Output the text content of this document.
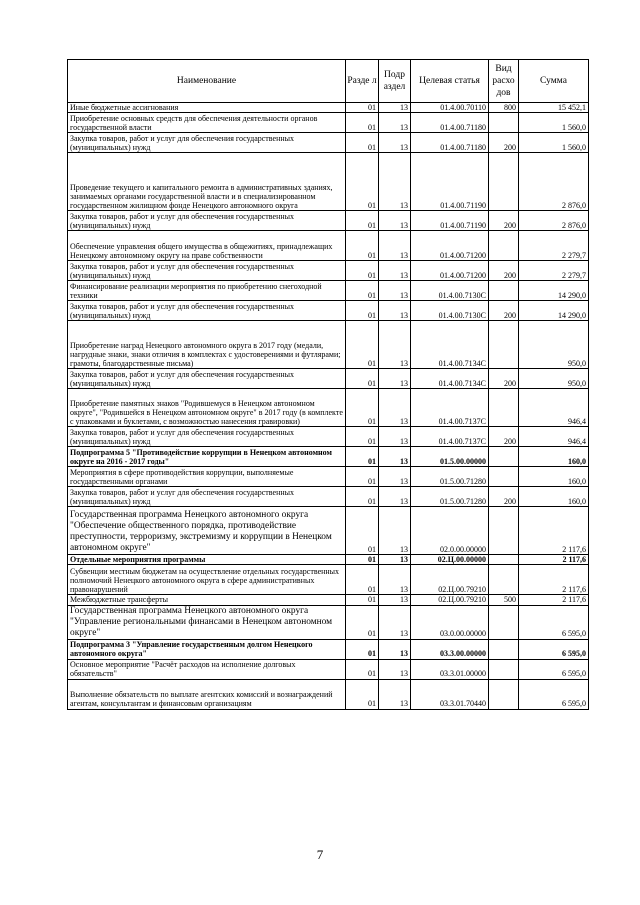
Наименование	Разде л	Подр аздел	Целевая статья	Вид расхо дов	Сумма
Иные бюджетные ассигнования	01	13	01.4.00.70110	800	15 452,1
Приобретение основных средств для обеспечения деятельности органов государственной власти	01	13	01.4.00.71180		1 560,0
Закупка товаров, работ и услуг для обеспечения государственных (муниципальных) нужд	01	13	01.4.00.71180	200	1 560,0
Проведение текущего и капитального ремонта в административных зданиях, занимаемых органами государственной власти и в специализированном государственном жилищном фонде Ненецкого автономного округа	01	13	01.4.00.71190		2 876,0
Закупка товаров, работ и услуг для обеспечения государственных (муниципальных) нужд	01	13	01.4.00.71190	200	2 876,0
Обеспечение управления общего имущества в общежитиях, принадлежащих Ненецкому автономному округу на праве собственности	01	13	01.4.00.71200		2 279,7
Закупка товаров, работ и услуг для обеспечения государственных (муниципальных) нужд	01	13	01.4.00.71200	200	2 279,7
Финансирование реализации мероприятия по приобретению снегоходной техники	01	13	01.4.00.7130С		14 290,0
Закупка товаров, работ и услуг для обеспечения государственных (муниципальных) нужд	01	13	01.4.00.7130С	200	14 290,0
Приобретение наград Ненецкого автономного округа в 2017 году (медали, нагрудные знаки, знаки отличия в комплектах с удостоверениями и футлярами; грамоты, благодарственные письма)	01	13	01.4.00.7134С		950,0
Закупка товаров, работ и услуг для обеспечения государственных (муниципальных) нужд	01	13	01.4.00.7134С	200	950,0
Приобретение памятных знаков "Родившемуся в Ненецком автономном округе", "Родившейся в Ненецком автономном округе" в 2017 году (в комплекте с упаковками и буклетами, с возможностью нанесения гравировки)	01	13	01.4.00.7137С		946,4
Закупка товаров, работ и услуг для обеспечения государственных (муниципальных) нужд	01	13	01.4.00.7137С	200	946,4
Подпрограмма 5 "Противодействие коррупции в Ненецком автономном округе на 2016 - 2017 годы"	01	13	01.5.00.00000		160,0
Мероприятия в сфере противодействия коррупции, выполняемые государственными органами	01	13	01.5.00.71280		160,0
Закупка товаров, работ и услуг для обеспечения государственных (муниципальных) нужд	01	13	01.5.00.71280	200	160,0
Государственная программа Ненецкого автономного округа "Обеспечение общественного порядка, противодействие преступности, терроризму, экстремизму и коррупции в Ненецком автономном округе"	01	13	02.0.00.00000		2 117,6
Отдельные мероприятия программы	01	13	02.Ц.00.00000		2 117,6
Субвенции местным бюджетам на осуществление отдельных государственных полномочий Ненецкого автономного округа в сфере административных правонарушений	01	13	02.Ц.00.79210		2 117,6
Межбюджетные трансферты	01	13	02.Ц.00.79210	500	2 117,6
Государственная программа Ненецкого автономного округа "Управление региональными финансами в Ненецком автономном округе"	01	13	03.0.00.00000		6 595,0
Подпрограмма 3 "Управление государственным долгом Ненецкого автономного округа"	01	13	03.3.00.00000		6 595,0
Основное мероприятие "Расчёт расходов на исполнение долговых обязательств"	01	13	03.3.01.00000		6 595,0
Выполнение обязательств по выплате агентских комиссий и вознаграждений агентам, консультантам и финансовым организациям	01	13	03.3.01.70440		6 595,0
7
